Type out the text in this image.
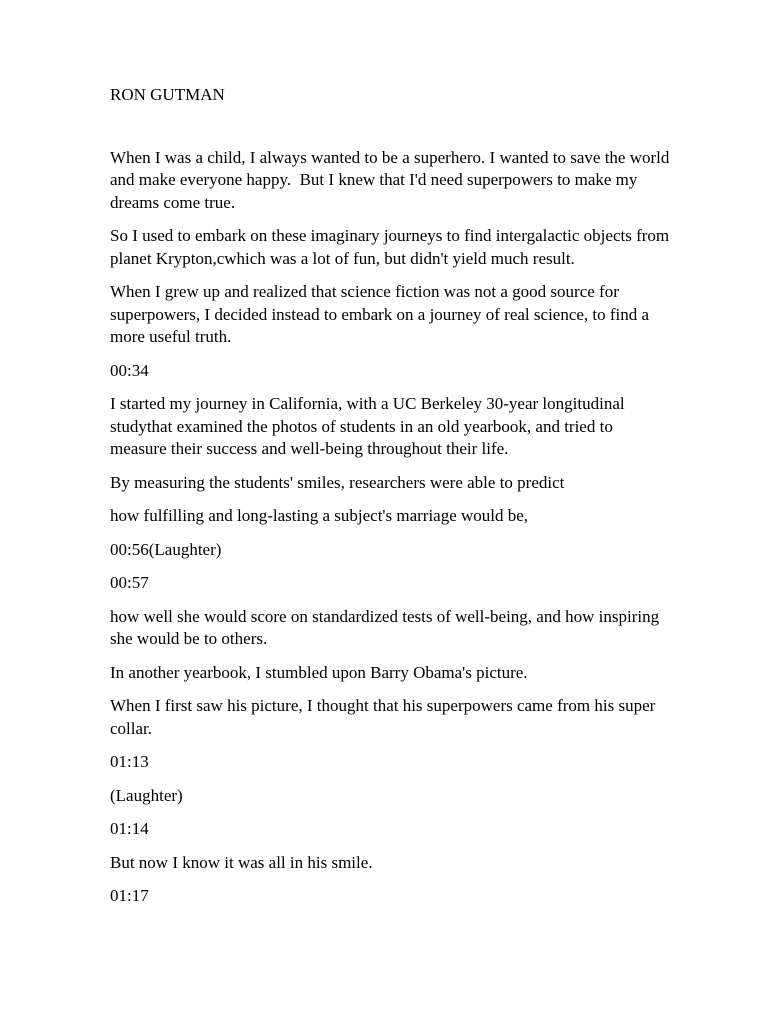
RON GUTMAN

When I was a child, I always wanted to be a superhero. I wanted to save the world and make everyone happy.  But I knew that I'd need superpowers to make my dreams come true.

So I used to embark on these imaginary journeys to find intergalactic objects from planet Krypton,cwhich was a lot of fun, but didn't yield much result.

When I grew up and realized that science fiction was not a good source for superpowers, I decided instead to embark on a journey of real science, to find a more useful truth.

00:34

I started my journey in California, with a UC Berkeley 30-year longitudinal studythat examined the photos of students in an old yearbook, and tried to measure their success and well-being throughout their life.

By measuring the students' smiles, researchers were able to predict

how fulfilling and long-lasting a subject's marriage would be,

00:56(Laughter)

00:57

how well she would score on standardized tests of well-being, and how inspiring she would be to others.

In another yearbook, I stumbled upon Barry Obama's picture.

When I first saw his picture, I thought that his superpowers came from his super collar.

01:13

(Laughter)

01:14

But now I know it was all in his smile.

01:17
